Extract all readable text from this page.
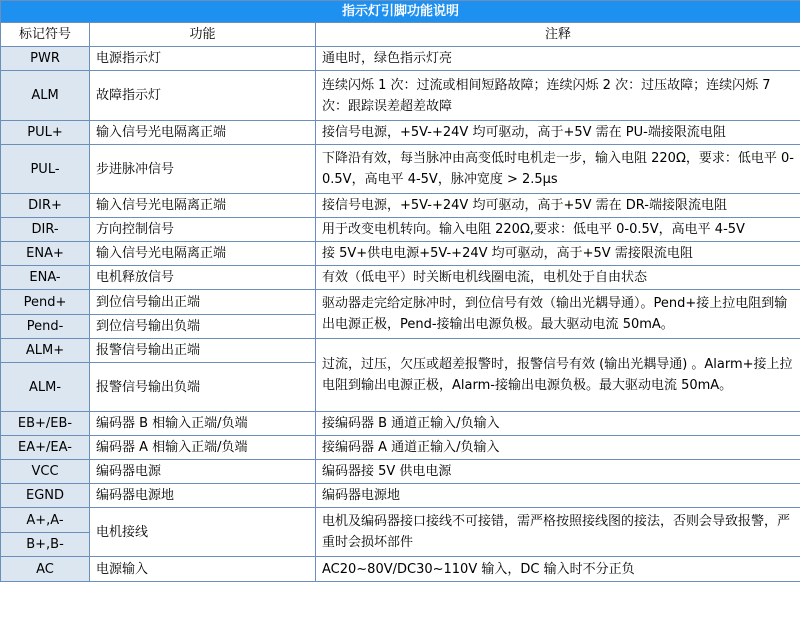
指示灯引脚功能说明		
标记符号	功能	注释
PWR	电源指示灯	通电时，绿色指示灯亮
ALM	故障指示灯	连续闪烁 1 次：过流或相间短路故障；连续闪烁 2 次：过压故障；连续闪烁 7 次：跟踪误差超差故障
PUL+	输入信号光电隔离正端	接信号电源，+5V-+24V 均可驱动，高于+5V 需在 PU-端接限流电阻
PUL-	步进脉冲信号	下降沿有效，每当脉冲由高变低时电机走一步，输入电阻 220Ω，要求：低电平 0-0.5V，高电平 4-5V，脉冲宽度 > 2.5μs
DIR+	输入信号光电隔离正端	接信号电源，+5V-+24V 均可驱动，高于+5V 需在 DR-端接限流电阻
DIR-	方向控制信号	用于改变电机转向。输入电阻 220Ω,要求：低电平 0-0.5V，高电平 4-5V
ENA+	输入信号光电隔离正端	接 5V+供电电源+5V-+24V 均可驱动，高于+5V 需接限流电阻
ENA-	电机释放信号	有效（低电平）时关断电机线圈电流，电机处于自由状态
Pend+	到位信号输出正端	驱动器走完给定脉冲时，到位信号有效（输出光耦导通）。Pend+接上拉电阻到输出电源正极，Pend-接输出电源负极。最大驱动电流 50mA。
Pend-	到位信号输出负端	
ALM+	报警信号输出正端	过流，过压，欠压或超差报警时，报警信号有效 (输出光耦导通) 。Alarm+接上拉电阻到输出电源正极，Alarm-接输出电源负极。最大驱动电流 50mA。
ALM-	报警信号输出负端	
EB+/EB-	编码器 B 相输入正端/负端	接编码器 B 通道正输入/负输入
EA+/EA-	编码器 A 相输入正端/负端	接编码器 A 通道正输入/负输入
VCC	编码器电源	编码器接 5V 供电电源
EGND	编码器电源地	编码器电源地
A+,A-	电机接线	电机及编码器接口接线不可接错，需严格按照接线图的接法，否则会导致报警，严重时会损坏部件
B+,B-		
AC	电源输入	AC20~80V/DC30~110V 输入，DC 输入时不分正负
